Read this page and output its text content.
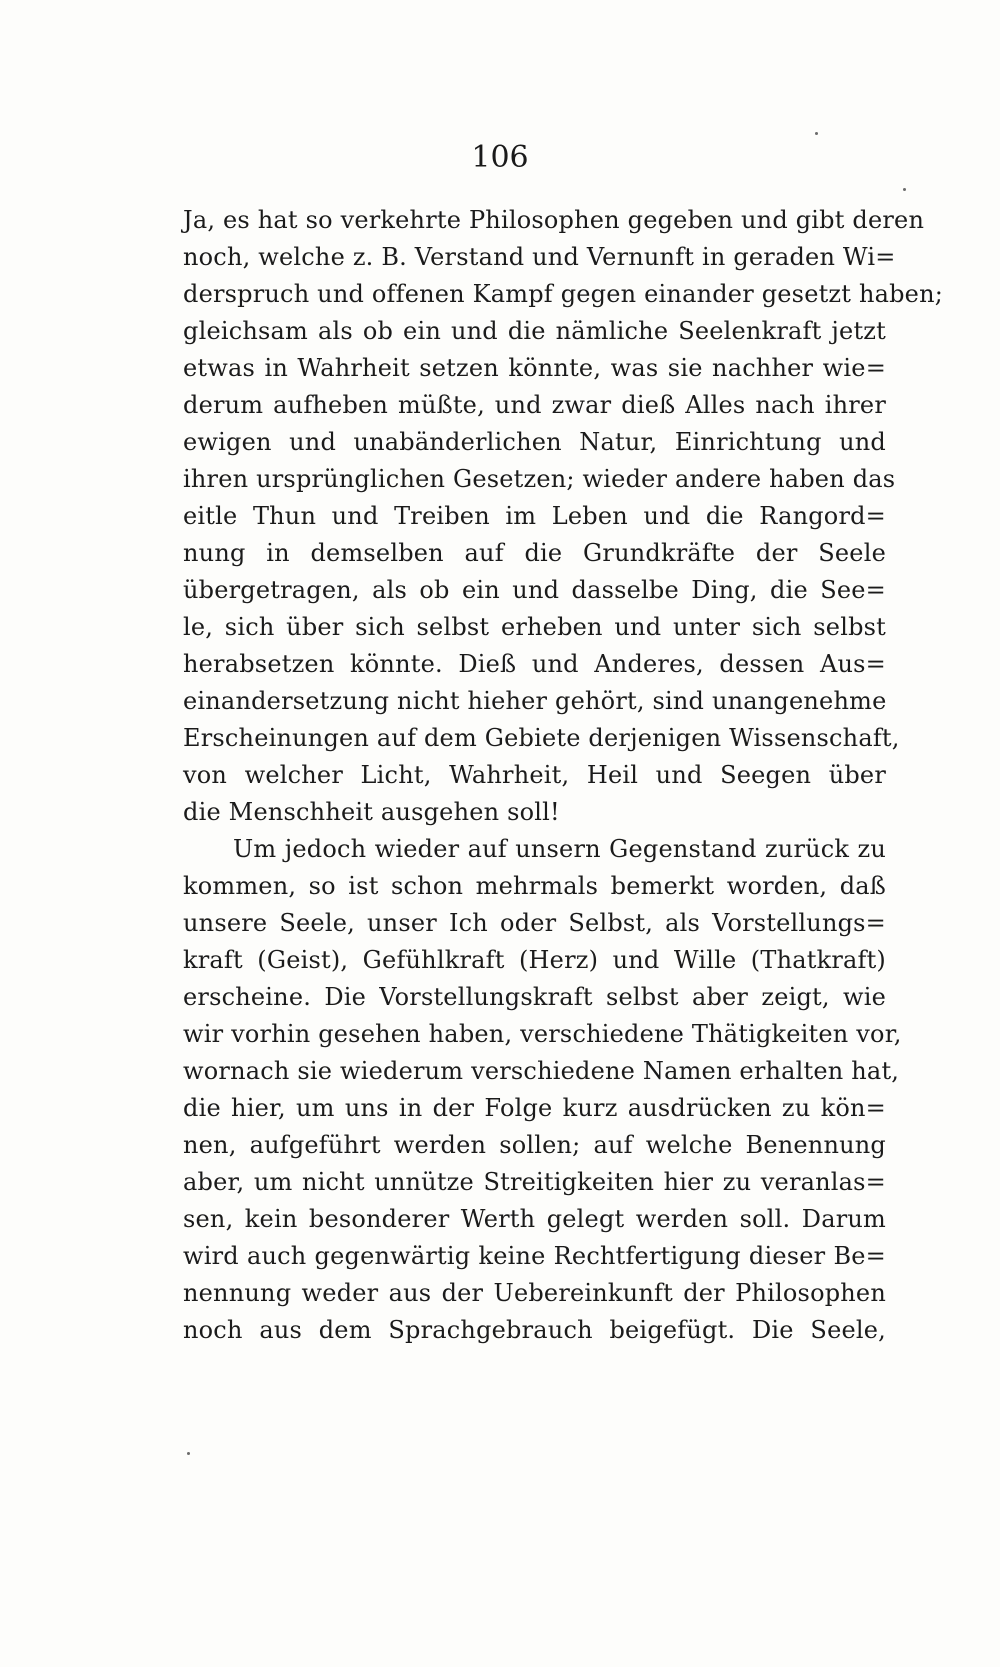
106
Ja, es hat so verkehrte Philosophen gegeben und gibt deren
noch, welche z. B. Verstand und Vernunft in geraden Wi=
derspruch und offenen Kampf gegen einander gesetzt haben;
gleichsam als ob ein und die nämliche Seelenkraft jetzt
etwas in Wahrheit setzen könnte, was sie nachher wie=
derum aufheben müßte, und zwar dieß Alles nach ihrer
ewigen und unabänderlichen Natur, Einrichtung und
ihren ursprünglichen Gesetzen; wieder andere haben das
eitle Thun und Treiben im Leben und die Rangord=
nung in demselben auf die Grundkräfte der Seele
übergetragen, als ob ein und dasselbe Ding, die See=
le, sich über sich selbst erheben und unter sich selbst
herabsetzen könnte. Dieß und Anderes, dessen Aus=
einandersetzung nicht hieher gehört, sind unangenehme
Erscheinungen auf dem Gebiete derjenigen Wissenschaft,
von welcher Licht, Wahrheit, Heil und Seegen über
die Menschheit ausgehen soll!
Um jedoch wieder auf unsern Gegenstand zurück zu
kommen, so ist schon mehrmals bemerkt worden, daß
unsere Seele, unser Ich oder Selbst, als Vorstellungs=
kraft (Geist), Gefühlkraft (Herz) und Wille (Thatkraft)
erscheine. Die Vorstellungskraft selbst aber zeigt, wie
wir vorhin gesehen haben, verschiedene Thätigkeiten vor,
wornach sie wiederum verschiedene Namen erhalten hat,
die hier, um uns in der Folge kurz ausdrücken zu kön=
nen, aufgeführt werden sollen; auf welche Benennung
aber, um nicht unnütze Streitigkeiten hier zu veranlas=
sen, kein besonderer Werth gelegt werden soll. Darum
wird auch gegenwärtig keine Rechtfertigung dieser Be=
nennung weder aus der Uebereinkunft der Philosophen
noch aus dem Sprachgebrauch beigefügt. Die Seele,
